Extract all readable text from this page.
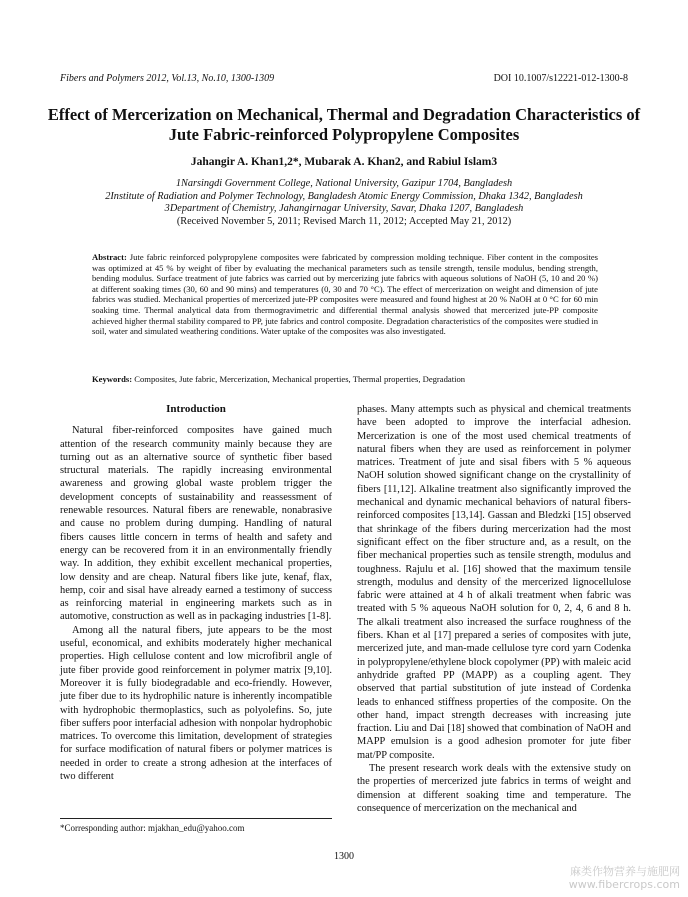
Fibers and Polymers 2012, Vol.13, No.10, 1300-1309	DOI 10.1007/s12221-012-1300-8
Effect of Mercerization on Mechanical, Thermal and Degradation Characteristics of Jute Fabric-reinforced Polypropylene Composites
Jahangir A. Khan1,2*, Mubarak A. Khan2, and Rabiul Islam3
1Narsingdi Government College, National University, Gazipur 1704, Bangladesh
2Institute of Radiation and Polymer Technology, Bangladesh Atomic Energy Commission, Dhaka 1342, Bangladesh
3Department of Chemistry, Jahangirnagar University, Savar, Dhaka 1207, Bangladesh
(Received November 5, 2011; Revised March 11, 2012; Accepted May 21, 2012)
Abstract: Jute fabric reinforced polypropylene composites were fabricated by compression molding technique. Fiber content in the composites was optimized at 45 % by weight of fiber by evaluating the mechanical parameters such as tensile strength, tensile modulus, bending strength, bending modulus. Surface treatment of jute fabrics was carried out by mercerizing jute fabrics with aqueous solutions of NaOH (5, 10 and 20 %) at different soaking times (30, 60 and 90 mins) and temperatures (0, 30 and 70 °C). The effect of mercerization on weight and dimension of jute fabrics was studied. Mechanical properties of mercerized jute-PP composites were measured and found highest at 20 % NaOH at 0 °C for 60 min soaking time. Thermal analytical data from thermogravimetric and differential thermal analysis showed that mercerized jute-PP composite achieved higher thermal stability compared to PP, jute fabrics and control composite. Degradation characteristics of the composites were studied in soil, water and simulated weathering conditions. Water uptake of the composites was also investigated.
Keywords: Composites, Jute fabric, Mercerization, Mechanical properties, Thermal properties, Degradation
Introduction

Natural fiber-reinforced composites have gained much attention of the research community mainly because they are turning out as an alternative source of synthetic fiber based structural materials. The rapidly increasing environmental awareness and growing global waste problem trigger the development concepts of sustainability and reassessment of renewable resources. Natural fibers are renewable, nonabrasive and cause no problem during dumping. Handling of natural fibers causes little concern in terms of health and safety and energy can be recovered from it in an environmentally friendly way. In addition, they exhibit excellent mechanical properties, low density and are cheap. Natural fibers like jute, kenaf, flax, hemp, coir and sisal have already earned a testimony of success as reinforcing material in engineering markets such as in automotive, construction as well as in packaging industries [1-8].

Among all the natural fibers, jute appears to be the most useful, economical, and exhibits moderately higher mechanical properties. High cellulose content and low microfibril angle of jute fiber provide good reinforcement in polymer matrix [9,10]. Moreover it is fully biodegradable and eco-friendly. However, jute fiber due to its hydrophilic nature is inherently incompatible with hydrophobic thermoplastics, such as polyolefins. So, jute fiber suffers poor interfacial adhesion with nonpolar hydrophobic matrices. To overcome this limitation, development of strategies for surface modification of natural fibers or polymer matrices is needed in order to create a strong adhesion at the interfaces of two different

phases. Many attempts such as physical and chemical treatments have been adopted to improve the interfacial adhesion. Mercerization is one of the most used chemical treatments of natural fibers when they are used as reinforcement in polymer matrices. Treatment of jute and sisal fibers with 5 % aqueous NaOH solution showed significant change on the crystallinity of fibers [11,12]. Alkaline treatment also significantly improved the mechanical and dynamic mechanical behaviors of natural fibers-reinforced composites [13,14]. Gassan and Bledzki [15] observed that shrinkage of the fibers during mercerization had the most significant effect on the fiber structure and, as a result, on the fiber mechanical properties such as tensile strength, modulus and toughness. Rajulu et al. [16] showed that the maximum tensile strength, modulus and density of the mercerized lignocellulose fabric were attained at 4 h of alkali treatment when fabric was treated with 5 % aqueous NaOH solution for 0, 2, 4, 6 and 8 h. The alkali treatment also increased the surface roughness of the fibers. Khan et al [17] prepared a series of composites with jute, mercerized jute, and man-made cellulose tyre cord yarn Codenka in polypropylene/ethylene block copolymer (PP) with maleic acid anhydride grafted PP (MAPP) as a coupling agent. They observed that partial substitution of jute instead of Cordenka leads to enhanced stiffness properties of the composite. On the other hand, impact strength decreases with increasing jute fraction. Liu and Dai [18] showed that combination of NaOH and MAPP emulsion is a good adhesion promoter for jute fiber mat/PP composite.

The present research work deals with the extensive study on the properties of mercerized jute fabrics in terms of weight and dimension at different soaking time and temperature. The consequence of mercerization on the mechanical and

*Corresponding author: mjakhan_edu@yahoo.com
1300
麻类作物营养与施肥网
www.fibercrops.com
